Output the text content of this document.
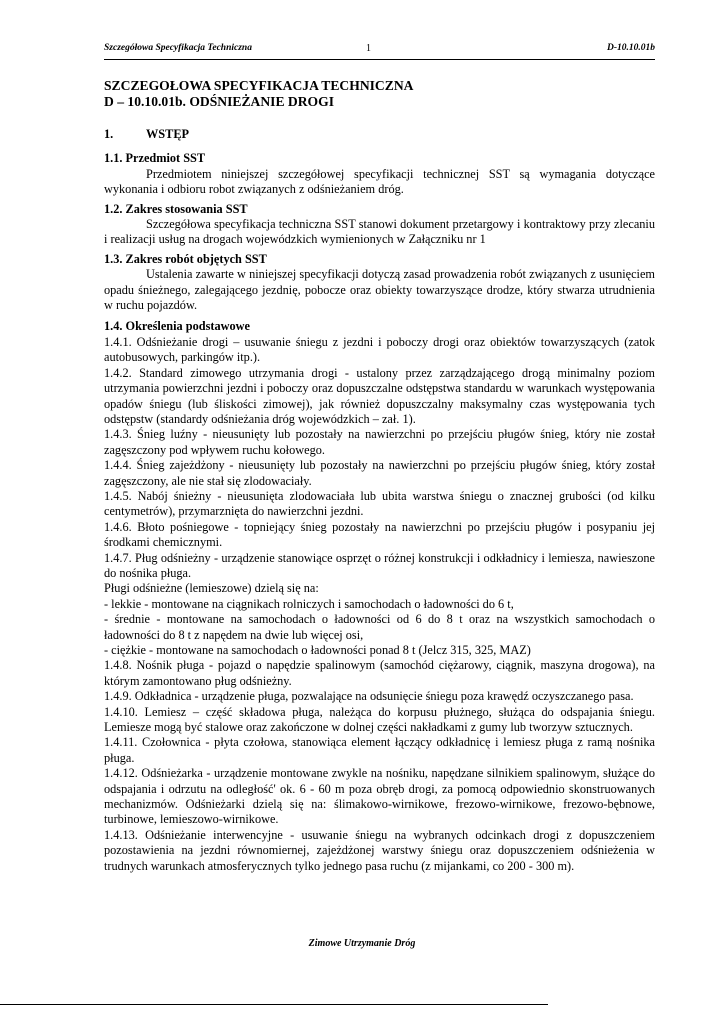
Szczegółowa Specyfikacja Techniczna	1	D-10.10.01b

SZCZEGOŁOWA SPECYFIKACJA TECHNICZNA

D – 10.10.01b. ODŚNIEŻANIE DROGI

1.	WSTĘP

1.1. Przedmiot SST

Przedmiotem niniejszej szczegółowej specyfikacji technicznej SST są wymagania dotyczące wykonania i odbioru robot związanych z odśnieżaniem dróg.

1.2. Zakres stosowania SST

Szczegółowa specyfikacja techniczna SST stanowi dokument przetargowy i kontraktowy przy zlecaniu i realizacji usług na drogach wojewódzkich wymienionych w Załączniku nr 1

1.3. Zakres robót objętych SST

Ustalenia zawarte w niniejszej specyfikacji dotyczą zasad prowadzenia robót związanych z usunięciem opadu śnieżnego, zalegającego jezdnię, pobocze oraz obiekty towarzyszące drodze, który stwarza utrudnienia w ruchu pojazdów.

1.4. Określenia podstawowe

1.4.1. Odśnieżanie drogi – usuwanie śniegu z jezdni i poboczy drogi oraz obiektów towarzyszących (zatok autobusowych, parkingów itp.).

1.4.2. Standard zimowego utrzymania drogi - ustalony przez zarządzającego drogą minimalny poziom utrzymania powierzchni jezdni i poboczy oraz dopuszczalne odstępstwa standardu w warunkach występowania opadów śniegu (lub śliskości zimowej), jak również dopuszczalny maksymalny czas występowania tych odstępstw (standardy odśnieżania dróg wojewódzkich – zał. 1).

1.4.3. Śnieg luźny - nieusunięty lub pozostały na nawierzchni po przejściu pługów śnieg, który nie został zagęszczony pod wpływem ruchu kołowego.

1.4.4. Śnieg zajeżdżony - nieusunięty lub pozostały na nawierzchni po przejściu pługów śnieg, który został zagęszczony, ale nie stał się zlodowaciały.

1.4.5. Nabój śnieżny - nieusunięta zlodowaciała lub ubita warstwa śniegu o znacznej grubości (od kilku centymetrów), przymarznięta do nawierzchni jezdni.

1.4.6. Błoto pośniegowe - topniejący śnieg pozostały na nawierzchni po przejściu pługów i posypaniu jej środkami chemicznymi.

1.4.7. Pług odśnieżny - urządzenie stanowiące osprzęt o różnej konstrukcji i odkładnicy i lemiesza, nawieszone do nośnika pługa.

Pługi odśnieżne (lemieszowe) dzielą się na:

- lekkie - montowane na ciągnikach rolniczych i samochodach o ładowności do 6 t,

- średnie - montowane na samochodach o ładowności od 6 do 8 t oraz na wszystkich samochodach o ładowności do 8 t z napędem na dwie lub więcej osi,

- ciężkie - montowane na samochodach o ładowności ponad 8 t (Jelcz 315, 325, MAZ)

1.4.8. Nośnik pługa - pojazd o napędzie spalinowym (samochód ciężarowy, ciągnik, maszyna drogowa), na którym zamontowano pług odśnieżny.

1.4.9. Odkładnica - urządzenie pługa, pozwalające na odsunięcie śniegu poza krawędź oczyszczanego pasa.

1.4.10. Lemiesz – część składowa pługa, należąca do korpusu płużnego, służąca do odspajania śniegu. Lemiesze mogą być stalowe oraz zakończone w dolnej części nakładkami z gumy lub tworzyw sztucznych.

1.4.11. Czołownica - płyta czołowa, stanowiąca element łączący odkładnicę i lemiesz pługa z ramą nośnika pługa.

1.4.12. Odśnieżarka - urządzenie montowane zwykle na nośniku, napędzane silnikiem spalinowym, służące do odspajania i odrzutu na odległość' ok. 6 - 60 m poza obręb drogi, za pomocą odpowiednio skonstruowanych mechanizmów. Odśnieżarki dzielą się na: ślimakowo-wirnikowe, frezowo-wirnikowe, frezowo-bębnowe, turbinowe, lemieszowo-wirnikowe.

1.4.13. Odśnieżanie interwencyjne - usuwanie śniegu na wybranych odcinkach drogi z dopuszczeniem pozostawienia na jezdni równomiernej, zajeżdżonej warstwy śniegu oraz dopuszczeniem odśnieżenia w trudnych warunkach atmosferycznych tylko jednego pasa ruchu (z mijankami, co 200 - 300 m).

Zimowe Utrzymanie Dróg
